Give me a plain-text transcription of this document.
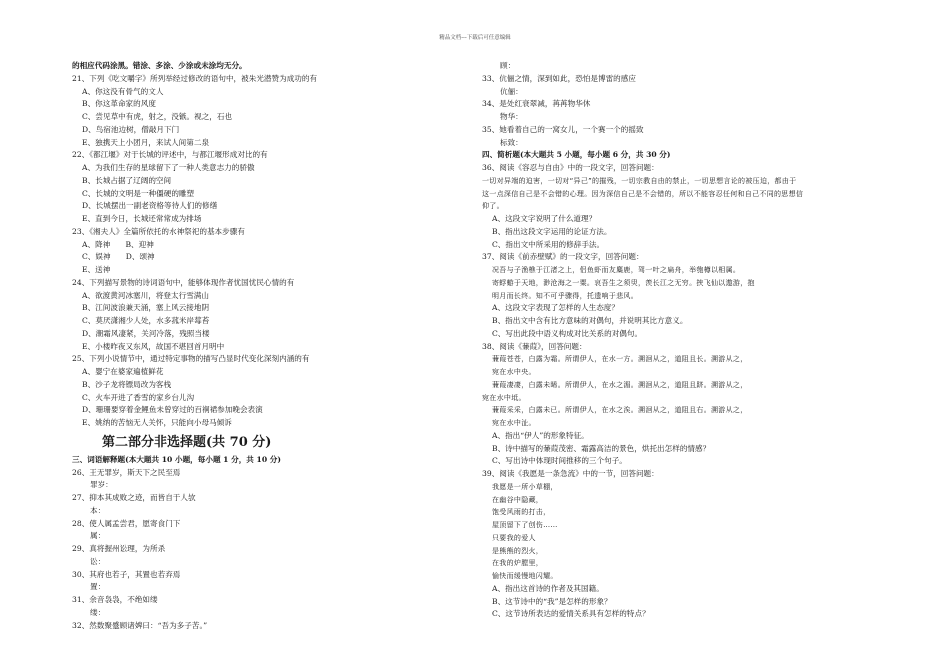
精品文档---下载后可任意编辑
的相应代码涂黑。错涂、多涂、少涂或未涂均无分。
21、下列《吃文嚼字》所列举经过修改的语句中，被朱光潜赞为成功的有
A、你这没有骨气的文人
B、你这革命家的风度
C、尝见草中有虎，射之，没镞。视之，石也
D、鸟宿池边树，僧敲月下门
E、独携天上小团月，来试人间第二泉
22、《都江堰》对于长城的评述中，与都江堰形成对比的有
A、为我们生存的星球留下了一种人类意志力的骄傲
B、长城占据了辽阔的空间
C、长城的文明是一种僵硬的雕塑
D、长城摆出一副老资格等待人们的修缮
E、直到今日，长城还常常成为排场
23、《湘夫人》全篇所依托的水神祭祀的基本步骤有
A、降神　　B、迎神
C、娱神　　D、颂神
E、送神
24、下列描写景物的诗词语句中，能够体现作者忧国忧民心情的有
A、欲渡黄河冰塞川，将登太行雪满山
B、江间波浪兼天涌，塞上风云接地阴
C、莫厌潇湘少人处，水多菰米岸莓苔
D、潮霜风凄紧，关河冷落，残照当楼
E、小楼昨夜又东风，故国不堪回首月明中
25、下列小说情节中，通过特定事物的描写凸显时代变化深刻内涵的有
A、婴宁在婆家遍植鲜花
B、沙子龙将镖局改为客栈
C、火车开进了香雪的家乡台儿沟
D、珊珊要穿着金鲤鱼未曾穿过的百裥裙参加晚会表演
E、姚纳的苦恼无人关怀，只能向小母马倾诉
第二部分非选择题(共 70 分)
三、词语解释题(本大题共 10 小题，每小题 1 分，共 10 分)
26、王无罪岁，斯天下之民至焉
罪岁：
27、抑本其成败之迹，而皆自于人欤
本：
28、使人属孟尝君，愿寄食门下
属：
29、真将握州讼理，为所杀
讼：
30、其府也若子，其置也若弃焉
置：
31、余音袅袅，不绝如缕
缕：
32、然数聚蹙顾诸婢曰：“吾为多子苦。”
顾：
33、伉俪之情，深到如此，恐怕是博雷的感应
伉俪：
34、是处红衰翠减，苒苒物华休
物华：
35、她看着自己的一窝女儿，一个赛一个的摇致
标致：
四、简析题(本大题共 5 小题，每小题 6 分，共 30 分)
36、阅读《容忍与自由》中的一段文字，回答问题：
一切对异端的迫害，一切对“异己”的摧残，一切宗教自由的禁止，一切思想言论的被压迫，都由于
这一点深信自己是不会错的心理。因为深信自己是不会错的，所以不能容忍任何和自己不同的思想信
仰了。
A、这段文字说明了什么道理？
B、指出这段文字运用的论证方法。
C、指出文中所采用的修辞手法。
37、阅读《前赤壁赋》的一段文字，回答问题：
况吾与子渔樵于江渚之上，侣鱼虾而友麋鹿，驾一叶之扁舟，举匏樽以相属。
寄蜉蝣于天地，渺沧海之一粟。哀吾生之须臾，羡长江之无穷。挟飞仙以遨游，抱
明月而长终。知不可乎骤得，托遗响于悲风。
A、这段文字表现了怎样的人生态度？
B、指出文中含有比方意味的对偶句，并说明其比方意义。
C、写出此段中语义构成对比关系的对偶句。
38、阅读《蒹葭》，回答问题：
蒹葭苍苍，白露为霜。所谓伊人，在水一方。溯洄从之，道阻且长。溯游从之，
宛在水中央。
蒹葭凄凄，白露未晞。所谓伊人，在水之湄。溯洄从之，道阻且跻。溯游从之，
宛在水中坻。
蒹葭采采，白露未已。所谓伊人，在水之涘。溯洄从之，道阻且右。溯游从之，
宛在水中沚。
A、指出“伊人”的形象特征。
B、诗中描写的蒹葭茂密、霜露高洁的景色，烘托出怎样的情感？
C、写出诗中体现时间推移的三个句子。
39、阅读《我愿是一条急流》中的一节，回答问题：
我愿是一所小草棚，
在幽谷中隐藏，
饱受风雨的打击，
屋顶留下了创伤……
只要我的爱人
是熊熊的烈火，
在我的炉膛里，
愉快而缓慢地闪耀。
A、指出这首诗的作者及其国籍。
B、这节诗中的“我”是怎样的形象？
C、这节诗所表达的爱情关系具有怎样的特点？
